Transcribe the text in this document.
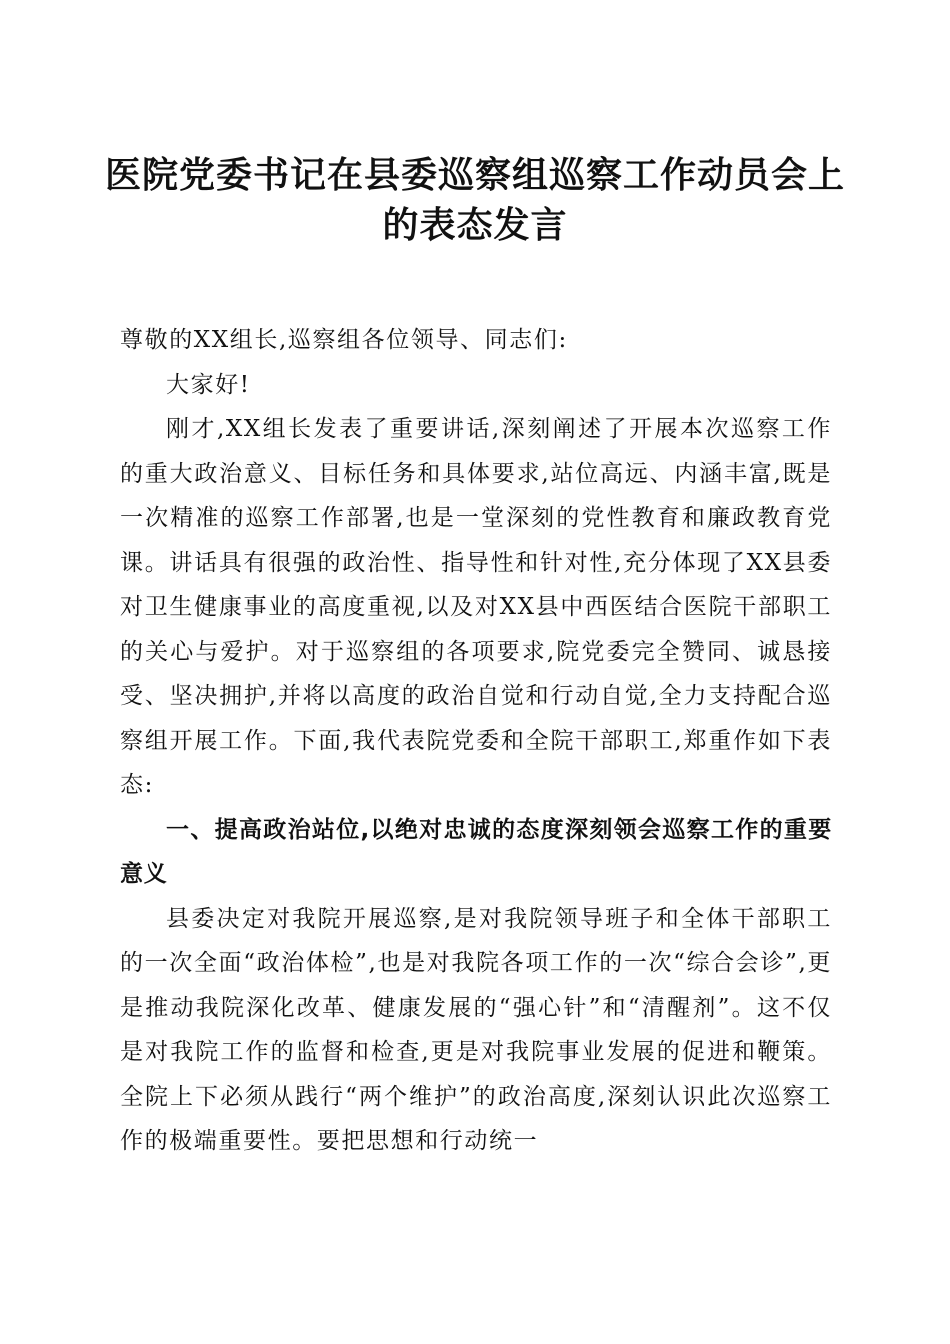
医院党委书记在县委巡察组巡察工作动员会上的表态发言

尊敬的XX组长,巡察组各位领导、同志们:

大家好!

刚才,XX组长发表了重要讲话,深刻阐述了开展本次巡察工作的重大政治意义、目标任务和具体要求,站位高远、内涵丰富,既是一次精准的巡察工作部署,也是一堂深刻的党性教育和廉政教育党课。讲话具有很强的政治性、指导性和针对性,充分体现了XX县委对卫生健康事业的高度重视,以及对XX县中西医结合医院干部职工的关心与爱护。对于巡察组的各项要求,院党委完全赞同、诚恳接受、坚决拥护,并将以高度的政治自觉和行动自觉,全力支持配合巡察组开展工作。下面,我代表院党委和全院干部职工,郑重作如下表态:

一、提高政治站位,以绝对忠诚的态度深刻领会巡察工作的重要意义

县委决定对我院开展巡察,是对我院领导班子和全体干部职工的一次全面“政治体检”,也是对我院各项工作的一次“综合会诊”,更是推动我院深化改革、健康发展的“强心针”和“清醒剂”。这不仅是对我院工作的监督和检查,更是对我院事业发展的促进和鞭策。全院上下必须从践行“两个维护”的政治高度,深刻认识此次巡察工作的极端重要性。要把思想和行动统一
